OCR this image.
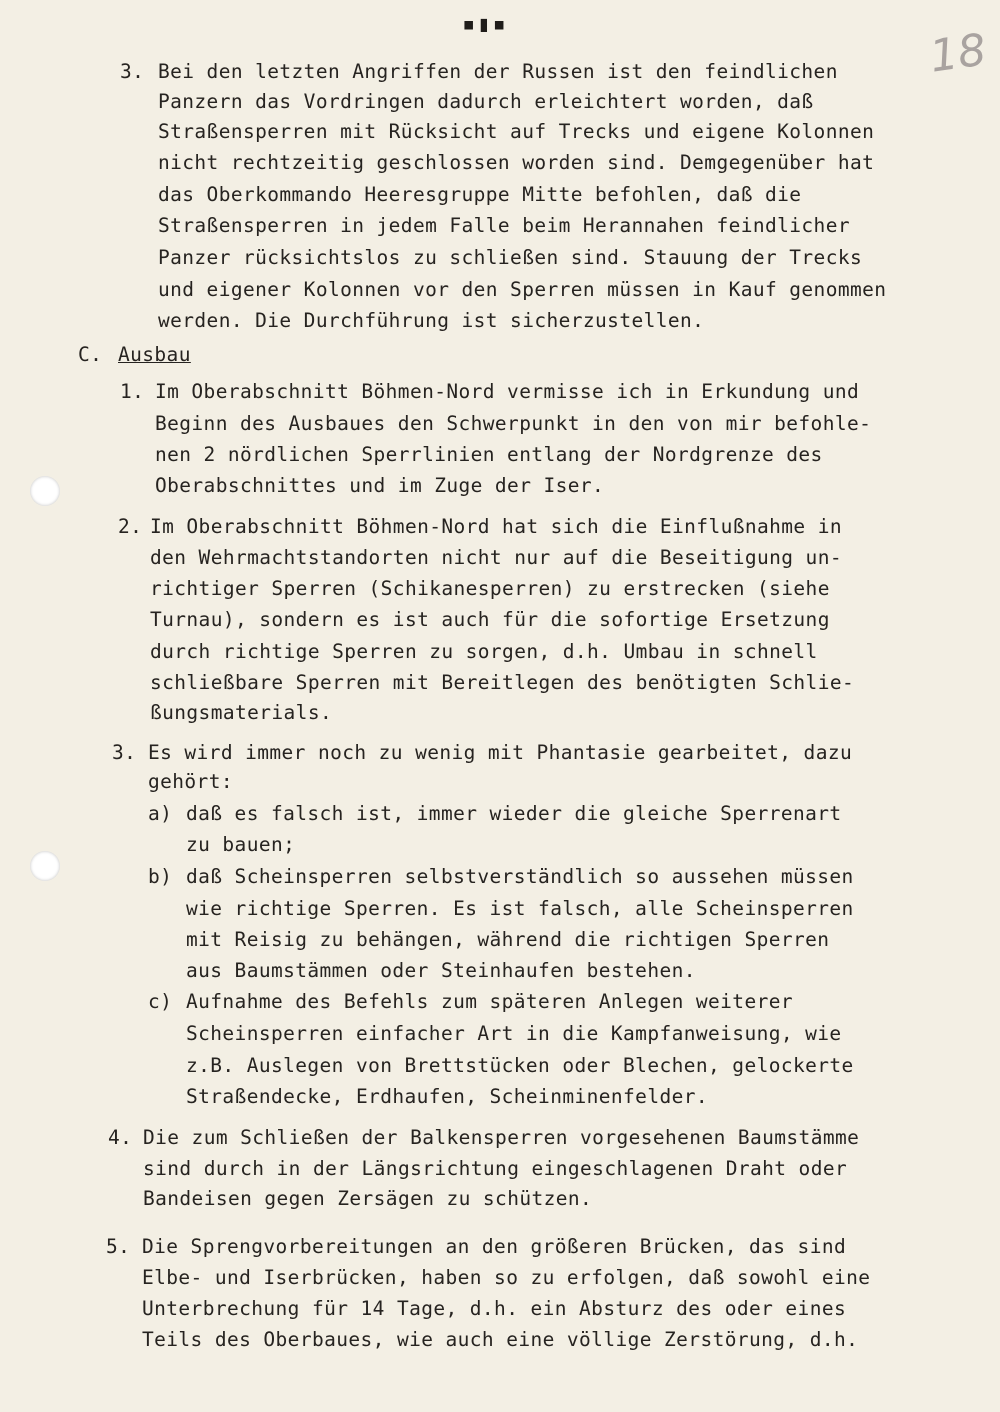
▪▮▪	18
3. Bei den letzten Angriffen der Russen ist den feindlichen
Panzern das Vordringen dadurch erleichtert worden, daß
Straßensperren mit Rücksicht auf Trecks und eigene Kolonnen
nicht rechtzeitig geschlossen worden sind. Demgegenüber hat
das Oberkommando Heeresgruppe Mitte befohlen, daß die
Straßensperren in jedem Falle beim Herannahen feindlicher
Panzer rücksichtslos zu schließen sind. Stauung der Trecks
und eigener Kolonnen vor den Sperren müssen in Kauf genommen
werden. Die Durchführung ist sicherzustellen.
C. Ausbau
1. Im Oberabschnitt Böhmen-Nord vermisse ich in Erkundung und
Beginn des Ausbaues den Schwerpunkt in den von mir befohle-
nen 2 nördlichen Sperrlinien entlang der Nordgrenze des
Oberabschnittes und im Zuge der Iser.
2. Im Oberabschnitt Böhmen-Nord hat sich die Einflußnahme in
den Wehrmachtstandorten nicht nur auf die Beseitigung un-
richtiger Sperren (Schikanesperren) zu erstrecken (siehe
Turnau), sondern es ist auch für die sofortige Ersetzung
durch richtige Sperren zu sorgen, d.h. Umbau in schnell
schließbare Sperren mit Bereitlegen des benötigten Schlie-
ßungsmaterials.
3. Es wird immer noch zu wenig mit Phantasie gearbeitet, dazu
gehört:
a) daß es falsch ist, immer wieder die gleiche Sperrenart
zu bauen;
b) daß Scheinsperren selbstverständlich so aussehen müssen
wie richtige Sperren. Es ist falsch, alle Scheinsperren
mit Reisig zu behängen, während die richtigen Sperren
aus Baumstämmen oder Steinhaufen bestehen.
c) Aufnahme des Befehls zum späteren Anlegen weiterer
Scheinsperren einfacher Art in die Kampfanweisung, wie
z.B. Auslegen von Brettstücken oder Blechen, gelockerte
Straßendecke, Erdhaufen, Scheinminenfelder.
4. Die zum Schließen der Balkensperren vorgesehenen Baumstämme
sind durch in der Längsrichtung eingeschlagenen Draht oder
Bandeisen gegen Zersägen zu schützen.
5. Die Sprengvorbereitungen an den größeren Brücken, das sind
Elbe- und Iserbrücken, haben so zu erfolgen, daß sowohl eine
Unterbrechung für 14 Tage, d.h. ein Absturz des oder eines
Teils des Oberbaues, wie auch eine völlige Zerstörung, d.h.
